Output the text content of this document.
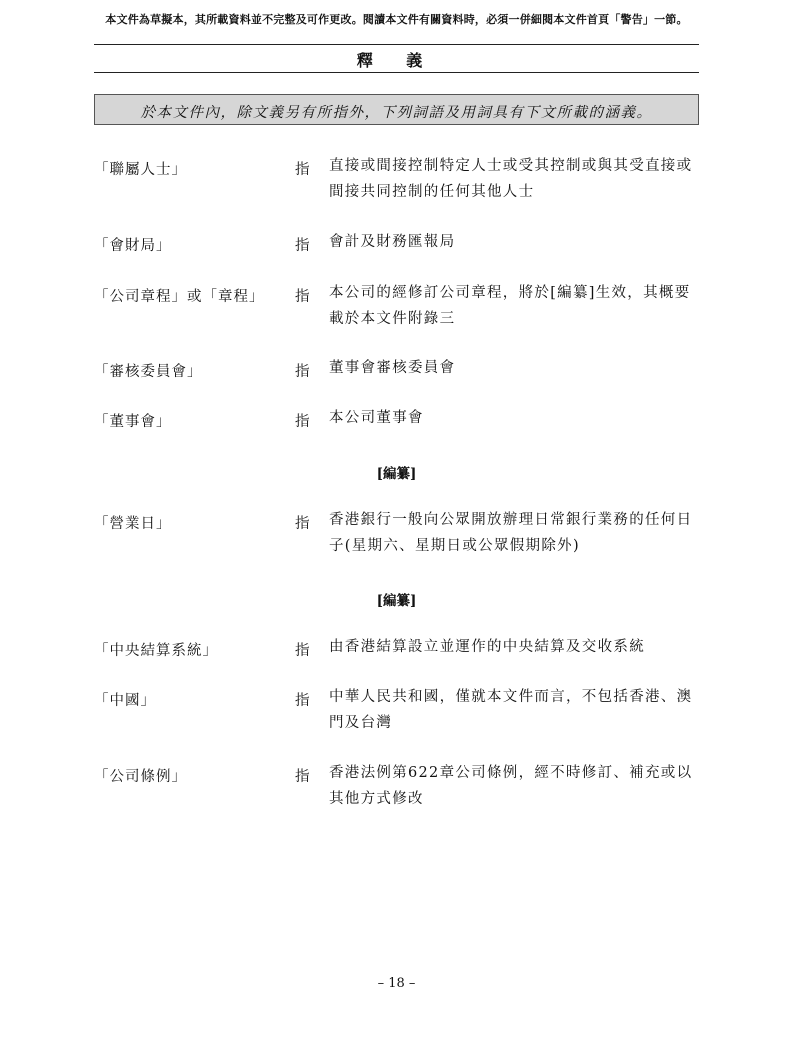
本文件為草擬本，其所載資料並不完整及可作更改。閱讀本文件有關資料時，必須一併細閱本文件首頁「警告」一節。
釋 義
於本文件內，除文義另有所指外，下列詞語及用詞具有下文所載的涵義。
「聯屬人士」	指 直接或間接控制特定人士或受其控制或與其受直接或間接共同控制的任何其他人士
「會財局」	指 會計及財務匯報局
「公司章程」或「章程」 指 本公司的經修訂公司章程，將於[編纂]生效，其概要載於本文件附錄三
「審核委員會」	指 董事會審核委員會
「董事會」	指 本公司董事會
[編纂]
「營業日」	指 香港銀行一般向公眾開放辦理日常銀行業務的任何日子(星期六、星期日或公眾假期除外)
[編纂]
「中央結算系統」	指 由香港結算設立並運作的中央結算及交收系統
「中國」	指 中華人民共和國，僅就本文件而言，不包括香港、澳門及台灣
「公司條例」	指 香港法例第622章公司條例，經不時修訂、補充或以其他方式修改
– 18 –
